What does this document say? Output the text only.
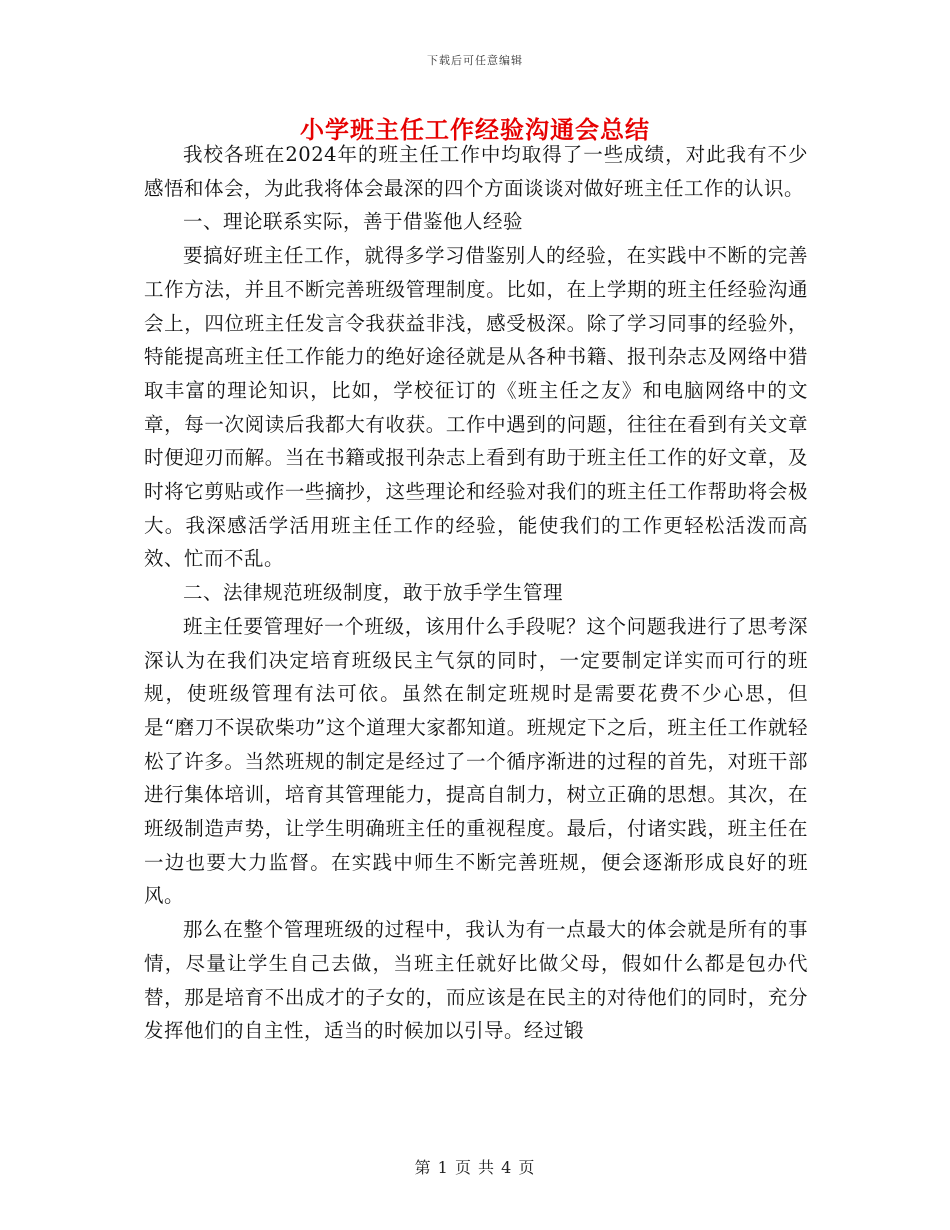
下载后可任意编辑
小学班主任工作经验沟通会总结

我校各班在2024年的班主任工作中均取得了一些成绩，对此我有不少感悟和体会，为此我将体会最深的四个方面谈谈对做好班主任工作的认识。

一、理论联系实际，善于借鉴他人经验

要搞好班主任工作，就得多学习借鉴别人的经验，在实践中不断的完善工作方法，并且不断完善班级管理制度。比如，在上学期的班主任经验沟通会上，四位班主任发言令我获益非浅，感受极深。除了学习同事的经验外，特能提高班主任工作能力的绝好途径就是从各种书籍、报刊杂志及网络中猎取丰富的理论知识，比如，学校征订的《班主任之友》和电脑网络中的文章，每一次阅读后我都大有收获。工作中遇到的问题，往往在看到有关文章时便迎刃而解。当在书籍或报刊杂志上看到有助于班主任工作的好文章，及时将它剪贴或作一些摘抄，这些理论和经验对我们的班主任工作帮助将会极大。我深感活学活用班主任工作的经验，能使我们的工作更轻松活泼而高效、忙而不乱。

二、法律规范班级制度，敢于放手学生管理

班主任要管理好一个班级，该用什么手段呢？这个问题我进行了思考深深认为在我们决定培育班级民主气氛的同时，一定要制定详实而可行的班规，使班级管理有法可依。虽然在制定班规时是需要花费不少心思，但是“磨刀不误砍柴功”这个道理大家都知道。班规定下之后，班主任工作就轻松了许多。当然班规的制定是经过了一个循序渐进的过程的首先，对班干部进行集体培训，培育其管理能力，提高自制力，树立正确的思想。其次，在班级制造声势，让学生明确班主任的重视程度。最后，付诸实践，班主任在一边也要大力监督。在实践中师生不断完善班规，便会逐渐形成良好的班风。

那么在整个管理班级的过程中，我认为有一点最大的体会就是所有的事情，尽量让学生自己去做，当班主任就好比做父母，假如什么都是包办代替，那是培育不出成才的子女的，而应该是在民主的对待他们的同时，充分发挥他们的自主性，适当的时候加以引导。经过锻

第 1 页 共 4 页
